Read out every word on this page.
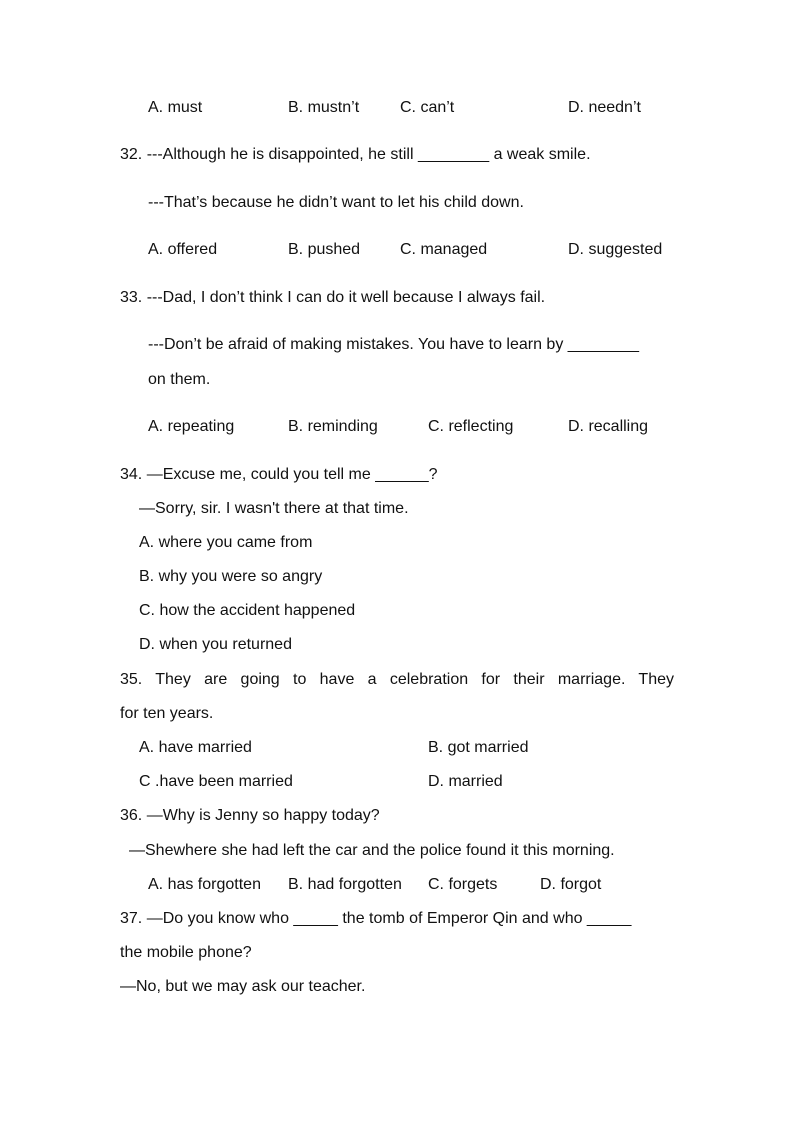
A. must	B. mustn’t	C. can’t	D. needn’t
32. ---Although he is disappointed, he still ________ a weak smile.
---That’s because he didn’t want to let his child down.
A. offered	B. pushed C. managed	D. suggested
33. ---Dad, I don’t think I can do it well because I always fail.
---Don’t be afraid of making mistakes. You have to learn by ________
on them.
A. repeating	B. reminding	C. reflecting	D. recalling
34. —Excuse me, could you tell me ______?
—Sorry, sir. I wasn't there at that time.
A. where you came from
B. why you were so angry
C. how the accident happened
D. when you returned
35. They are going to have a celebration for their marriage. They
for ten years.
A. have married	B. got married
C .have been married	D. married
36. —Why is Jenny so happy today?
—Shewhere she had left the car and the police found it this morning.
A. has forgotten B. had forgotten C. forgets	D. forgot
37. —Do you know who _____ the tomb of Emperor Qin and who _____
the mobile phone?
—No, but we may ask our teacher.
